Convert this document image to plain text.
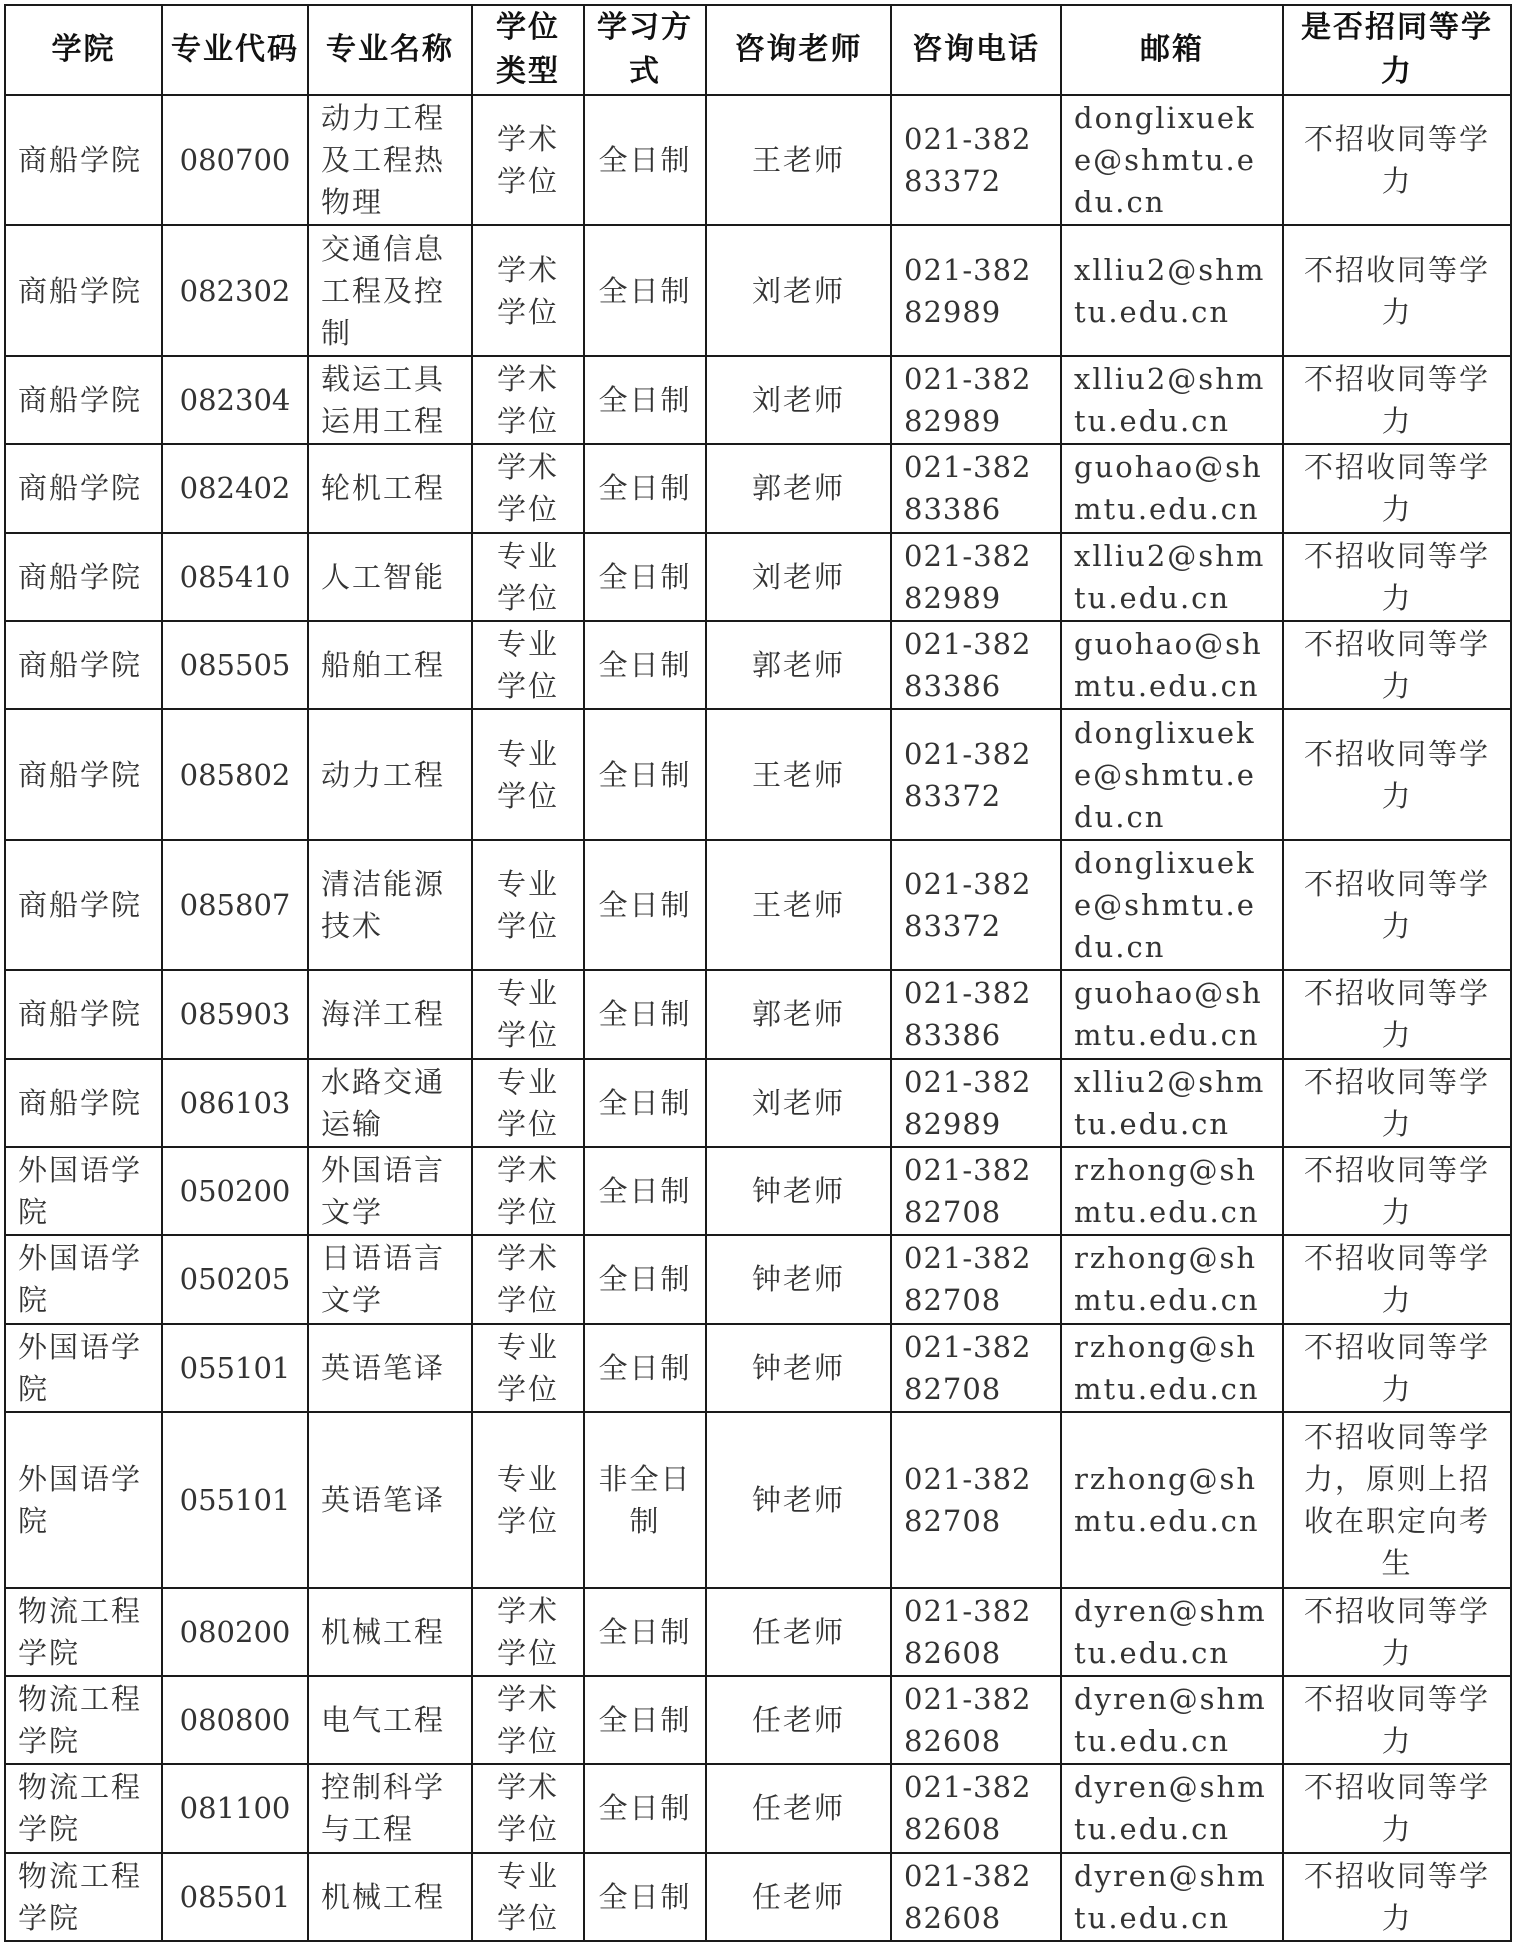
学院	专业代码	专业名称	学位类型	学习方式	咨询老师	咨询电话	邮箱	是否招同等学力
商船学院	080700	动力工程及工程热物理	学术学位	全日制	王老师	021-38283372	donglixueke@shmtu.edu.cn	不招收同等学力
商船学院	082302	交通信息工程及控制	学术学位	全日制	刘老师	021-38282989	xlliu2@shmtu.edu.cn	不招收同等学力
商船学院	082304	载运工具运用工程	学术学位	全日制	刘老师	021-38282989	xlliu2@shmtu.edu.cn	不招收同等学力
商船学院	082402	轮机工程	学术学位	全日制	郭老师	021-38283386	guohao@shmtu.edu.cn	不招收同等学力
商船学院	085410	人工智能	专业学位	全日制	刘老师	021-38282989	xlliu2@shmtu.edu.cn	不招收同等学力
商船学院	085505	船舶工程	专业学位	全日制	郭老师	021-38283386	guohao@shmtu.edu.cn	不招收同等学力
商船学院	085802	动力工程	专业学位	全日制	王老师	021-38283372	donglixueke@shmtu.edu.cn	不招收同等学力
商船学院	085807	清洁能源技术	专业学位	全日制	王老师	021-38283372	donglixueke@shmtu.edu.cn	不招收同等学力
商船学院	085903	海洋工程	专业学位	全日制	郭老师	021-38283386	guohao@shmtu.edu.cn	不招收同等学力
商船学院	086103	水路交通运输	专业学位	全日制	刘老师	021-38282989	xlliu2@shmtu.edu.cn	不招收同等学力
外国语学院	050200	外国语言文学	学术学位	全日制	钟老师	021-38282708	rzhong@shmtu.edu.cn	不招收同等学力
外国语学院	050205	日语语言文学	学术学位	全日制	钟老师	021-38282708	rzhong@shmtu.edu.cn	不招收同等学力
外国语学院	055101	英语笔译	专业学位	全日制	钟老师	021-38282708	rzhong@shmtu.edu.cn	不招收同等学力
外国语学院	055101	英语笔译	专业学位	非全日制	钟老师	021-38282708	rzhong@shmtu.edu.cn	不招收同等学力，原则上招收在职定向考生
物流工程学院	080200	机械工程	学术学位	全日制	任老师	021-38282608	dyren@shmtu.edu.cn	不招收同等学力
物流工程学院	080800	电气工程	学术学位	全日制	任老师	021-38282608	dyren@shmtu.edu.cn	不招收同等学力
物流工程学院	081100	控制科学与工程	学术学位	全日制	任老师	021-38282608	dyren@shmtu.edu.cn	不招收同等学力
物流工程学院	085501	机械工程	专业学位	全日制	任老师	021-38282608	dyren@shmtu.edu.cn	不招收同等学力
